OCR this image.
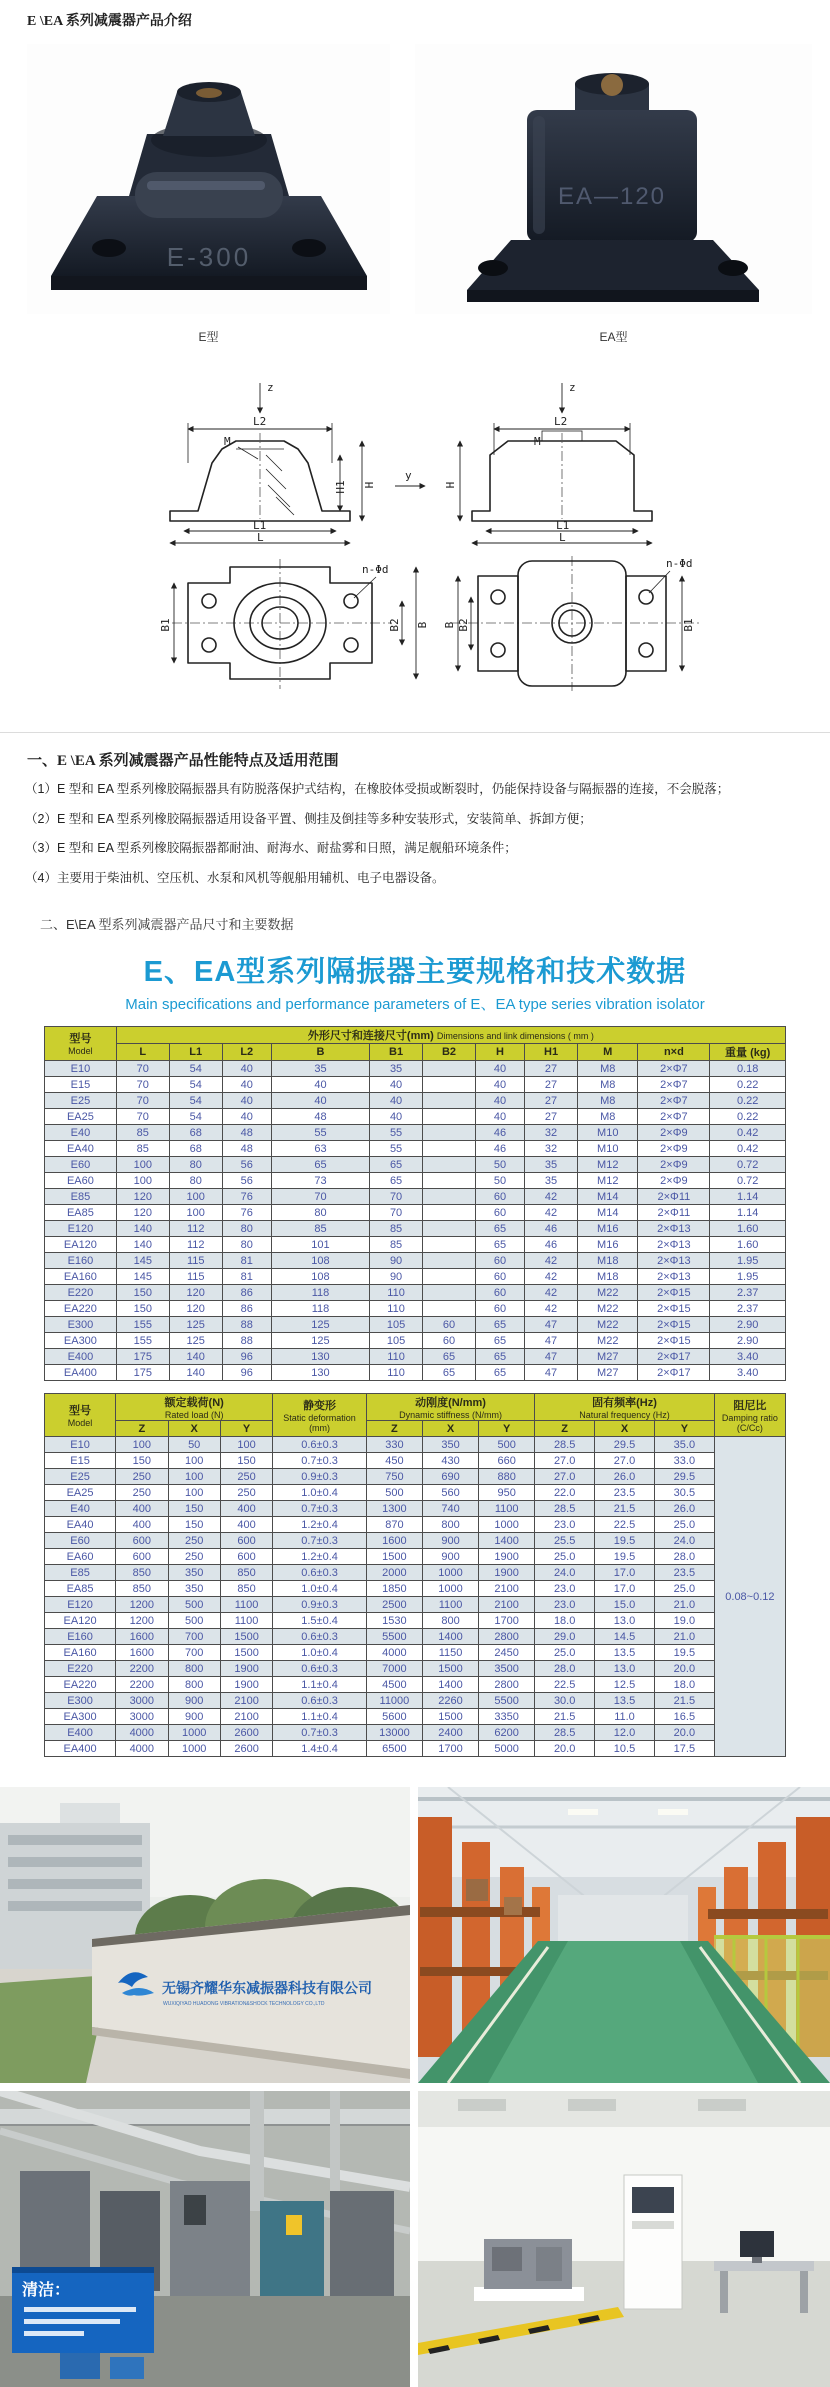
E \EA 系列减震器产品介绍
E-300
EA—120
E型	EA型
z
L2
M
H1 H
L1
L
y
z
L2
M
H
L1
L
n-Φd
B1	B2 B
n-Φd
B B2	B1
一、E \EA 系列减震器产品性能特点及适用范围

（1）E 型和 EA 型系列橡胶隔振器具有防脱落保护式结构，在橡胶体受损或断裂时，仍能保持设备与隔振器的连接，不会脱落；

（2）E 型和 EA 型系列橡胶隔振器适用设备平置、侧挂及倒挂等多种安装形式，安装简单、拆卸方便；

（3）E 型和 EA 型系列橡胶隔振器都耐油、耐海水、耐盐雾和日照，满足舰船环境条件；

（4）主要用于柴油机、空压机、水泵和风机等舰船用辅机、电子电器设备。

二、E\EA 型系列减震器产品尺寸和主要数据
E、EA型系列隔振器主要规格和技术数据
Main specifications and performance parameters of E、EA type series vibration isolator
型号
Model	外形尺寸和连接尺寸(mm) Dimensions and link dimensions ( mm )										
	L	L1	L2	B	B1	B2	H	H1	M	n×d	重量 (kg)
E10	70	54	40	35	35		40	27	M8	2×Φ7	0.18
E15	70	54	40	40	40		40	27	M8	2×Φ7	0.22
E25	70	54	40	40	40		40	27	M8	2×Φ7	0.22
EA25	70	54	40	48	40		40	27	M8	2×Φ7	0.22
E40	85	68	48	55	55		46	32	M10	2×Φ9	0.42
EA40	85	68	48	63	55		46	32	M10	2×Φ9	0.42
E60	100	80	56	65	65		50	35	M12	2×Φ9	0.72
EA60	100	80	56	73	65		50	35	M12	2×Φ9	0.72
E85	120	100	76	70	70		60	42	M14	2×Φ11	1.14
EA85	120	100	76	80	70		60	42	M14	2×Φ11	1.14
E120	140	112	80	85	85		65	46	M16	2×Φ13	1.60
EA120	140	112	80	101	85		65	46	M16	2×Φ13	1.60
E160	145	115	81	108	90		60	42	M18	2×Φ13	1.95
EA160	145	115	81	108	90		60	42	M18	2×Φ13	1.95
E220	150	120	86	118	110		60	42	M22	2×Φ15	2.37
EA220	150	120	86	118	110		60	42	M22	2×Φ15	2.37
E300	155	125	88	125	105	60	65	47	M22	2×Φ15	2.90
EA300	155	125	88	125	105	60	65	47	M22	2×Φ15	2.90
E400	175	140	96	130	110	65	65	47	M27	2×Φ17	3.40
EA400	175	140	96	130	110	65	65	47	M27	2×Φ17	3.40
型号
Model	额定载荷(N)
Rated load (N)			静变形
Static deformation
(mm)	动刚度(N/mm)
Dynamic stiffness (N/mm)			固有频率(Hz)
Natural frequency (Hz)			阻尼比
Damping ratio
(C/Cc)

	Z	X	Y		Z	X	Y	Z	X	Y	
E10	100	50	100	0.6±0.3	330	350	500	28.5	29.5	35.0	0.08~0.12
E15	150	100	150	0.7±0.3	450	430	660	27.0	27.0	33.0	
E25	250	100	250	0.9±0.3	750	690	880	27.0	26.0	29.5	
EA25	250	100	250	1.0±0.4	500	560	950	22.0	23.5	30.5	
E40	400	150	400	0.7±0.3	1300	740	1100	28.5	21.5	26.0	
EA40	400	150	400	1.2±0.4	870	800	1000	23.0	22.5	25.0	
E60	600	250	600	0.7±0.3	1600	900	1400	25.5	19.5	24.0	
EA60	600	250	600	1.2±0.4	1500	900	1900	25.0	19.5	28.0	
E85	850	350	850	0.6±0.3	2000	1000	1900	24.0	17.0	23.5	
EA85	850	350	850	1.0±0.4	1850	1000	2100	23.0	17.0	25.0	
E120	1200	500	1100	0.9±0.3	2500	1100	2100	23.0	15.0	21.0	
EA120	1200	500	1100	1.5±0.4	1530	800	1700	18.0	13.0	19.0	
E160	1600	700	1500	0.6±0.3	5500	1400	2800	29.0	14.5	21.0	
EA160	1600	700	1500	1.0±0.4	4000	1150	2450	25.0	13.5	19.5	
E220	2200	800	1900	0.6±0.3	7000	1500	3500	28.0	13.0	20.0	
EA220	2200	800	1900	1.1±0.4	4500	1400	2800	22.5	12.5	18.0	
E300	3000	900	2100	0.6±0.3	11000	2260	5500	30.0	13.5	21.5	
EA300	3000	900	2100	1.1±0.4	5600	1500	3350	21.5	11.0	16.5	
E400	4000	1000	2600	0.7±0.3	13000	2400	6200	28.5	12.0	20.0	
EA400	4000	1000	2600	1.4±0.4	6500	1700	5000	20.0	10.5	17.5	
无锡齐耀华东减振器科技有限公司
WUXIQIYAO HUADONG VIBRATION&SHOCK TECHNOLOGY CO.,LTD
清洁：
